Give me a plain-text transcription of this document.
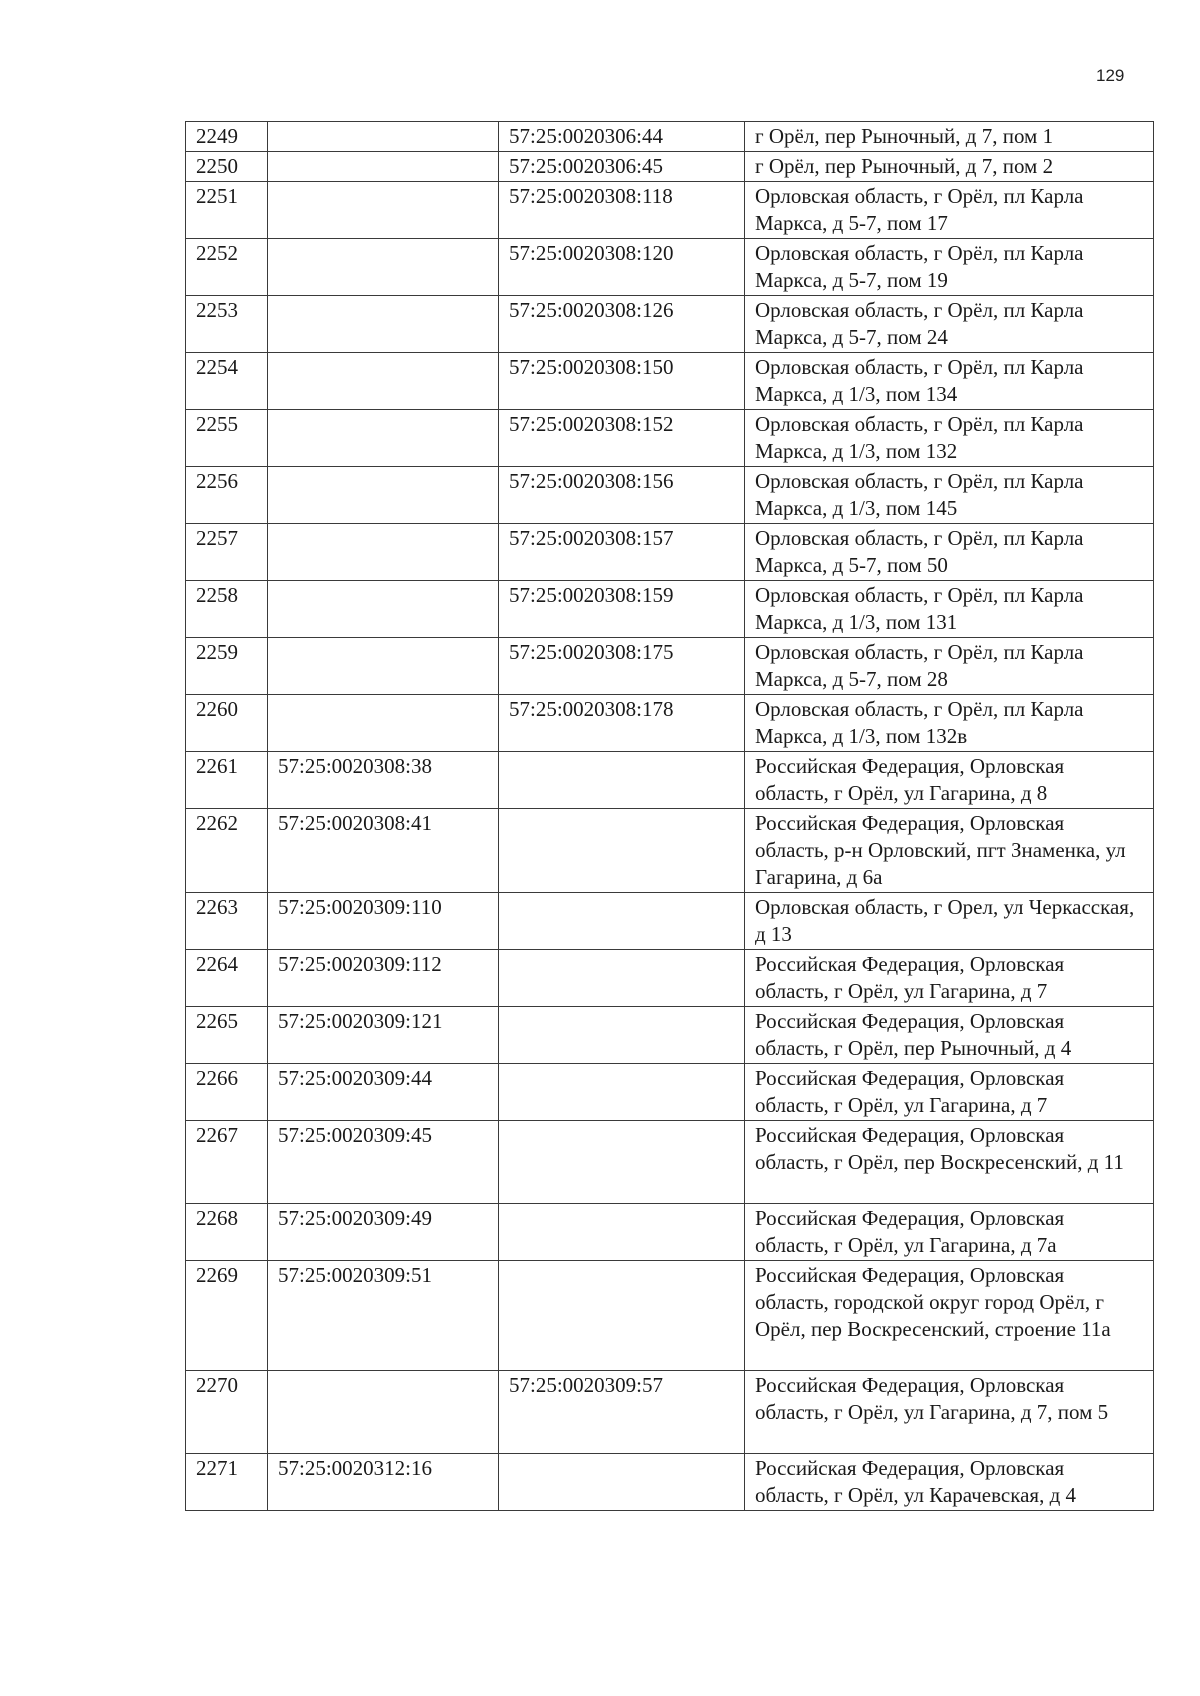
129
2249		57:25:0020306:44	г Орёл, пер Рыночный, д 7, пом 1
2250		57:25:0020306:45	г Орёл, пер Рыночный, д 7, пом 2
2251		57:25:0020308:118	Орловская область, г Орёл, пл Карла Маркса, д 5-7, пом 17
2252		57:25:0020308:120	Орловская область, г Орёл, пл Карла Маркса, д 5-7, пом 19
2253		57:25:0020308:126	Орловская область, г Орёл, пл Карла Маркса, д 5-7, пом 24
2254		57:25:0020308:150	Орловская область, г Орёл, пл Карла Маркса, д 1/3, пом 134
2255		57:25:0020308:152	Орловская область, г Орёл, пл Карла Маркса, д 1/3, пом 132
2256		57:25:0020308:156	Орловская область, г Орёл, пл Карла Маркса, д 1/3, пом 145
2257		57:25:0020308:157	Орловская область, г Орёл, пл Карла Маркса, д 5-7, пом 50
2258		57:25:0020308:159	Орловская область, г Орёл, пл Карла Маркса, д 1/3, пом 131
2259		57:25:0020308:175	Орловская область, г Орёл, пл Карла Маркса, д 5-7, пом 28
2260		57:25:0020308:178	Орловская область, г Орёл, пл Карла Маркса, д 1/3, пом 132в
2261	57:25:0020308:38		Российская Федерация, Орловская область, г Орёл, ул Гагарина, д 8
2262	57:25:0020308:41		Российская Федерация, Орловская область, р-н Орловский, пгт Знаменка, ул Гагарина, д 6а
2263	57:25:0020309:110		Орловская область, г Орел, ул Черкасская, д 13
2264	57:25:0020309:112		Российская Федерация, Орловская область, г Орёл, ул Гагарина, д 7
2265	57:25:0020309:121		Российская Федерация, Орловская область, г Орёл, пер Рыночный, д 4
2266	57:25:0020309:44		Российская Федерация, Орловская область, г Орёл, ул Гагарина, д 7
2267	57:25:0020309:45		Российская Федерация, Орловская область, г Орёл, пер Воскресенский, д 11
2268	57:25:0020309:49		Российская Федерация, Орловская область, г Орёл, ул Гагарина, д 7а
2269	57:25:0020309:51		Российская Федерация, Орловская область, городской округ город Орёл, г Орёл, пер Воскресенский, строение 11а
2270		57:25:0020309:57	Российская Федерация, Орловская область, г Орёл, ул Гагарина, д 7, пом 5
2271	57:25:0020312:16		Российская Федерация, Орловская область, г Орёл, ул Карачевская, д 4
